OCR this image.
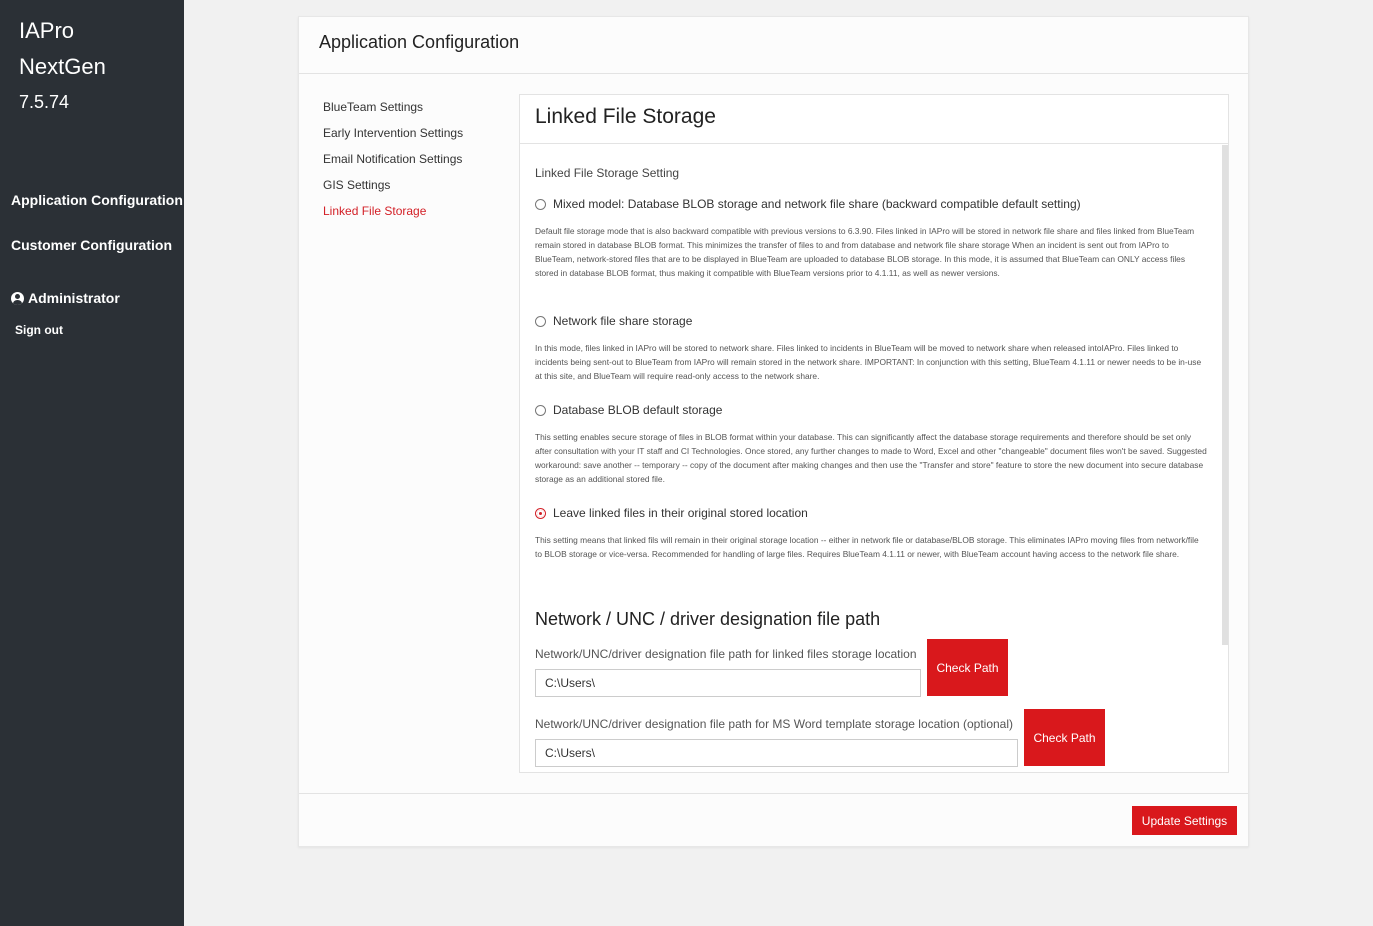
IAPro
NextGen
7.5.74
Application Configuration
Customer Configuration
Administrator
Sign out
Application Configuration
BlueTeam Settings
Early Intervention Settings
Email Notification Settings
GIS Settings
Linked File Storage
Linked File Storage
Linked File Storage Setting
Mixed model: Database BLOB storage and network file share (backward compatible default setting)
Default file storage mode that is also backward compatible with previous versions to 6.3.90. Files linked in IAPro will be stored in network file share and files linked from BlueTeam remain stored in database BLOB format. This minimizes the transfer of files to and from database and network file share storage When an incident is sent out from IAPro to BlueTeam, network-stored files that are to be displayed in BlueTeam are uploaded to database BLOB storage. In this mode, it is assumed that BlueTeam can ONLY access files stored in database BLOB format, thus making it compatible with BlueTeam versions prior to 4.1.11, as well as newer versions.
Network file share storage
In this mode, files linked in IAPro will be stored to network share. Files linked to incidents in BlueTeam will be moved to network share when released intoIAPro. Files linked to incidents being sent-out to BlueTeam from IAPro will remain stored in the network share. IMPORTANT: In conjunction with this setting, BlueTeam 4.1.11 or newer needs to be in-use at this site, and BlueTeam will require read-only access to the network share.
Database BLOB default storage
This setting enables secure storage of files in BLOB format within your database. This can significantly affect the database storage requirements and therefore should be set only after consultation with your IT staff and CI Technologies. Once stored, any further changes to made to Word, Excel and other "changeable" document files won't be saved. Suggested workaround: save another -- temporary -- copy of the document after making changes and then use the "Transfer and store" feature to store the new document into secure database storage as an additional stored file.
Leave linked files in their original stored location
This setting means that linked fils will remain in their original storage location -- either in network file or database/BLOB storage. This eliminates IAPro moving files from network/file to BLOB storage or vice-versa. Recommended for handling of large files. Requires BlueTeam 4.1.11 or newer, with BlueTeam account having access to the network file share.
Network / UNC / driver designation file path
Network/UNC/driver designation file path for linked files storage location
C:\Users\
Check Path
Network/UNC/driver designation file path for MS Word template storage location (optional)
C:\Users\
Check Path
Update Settings
